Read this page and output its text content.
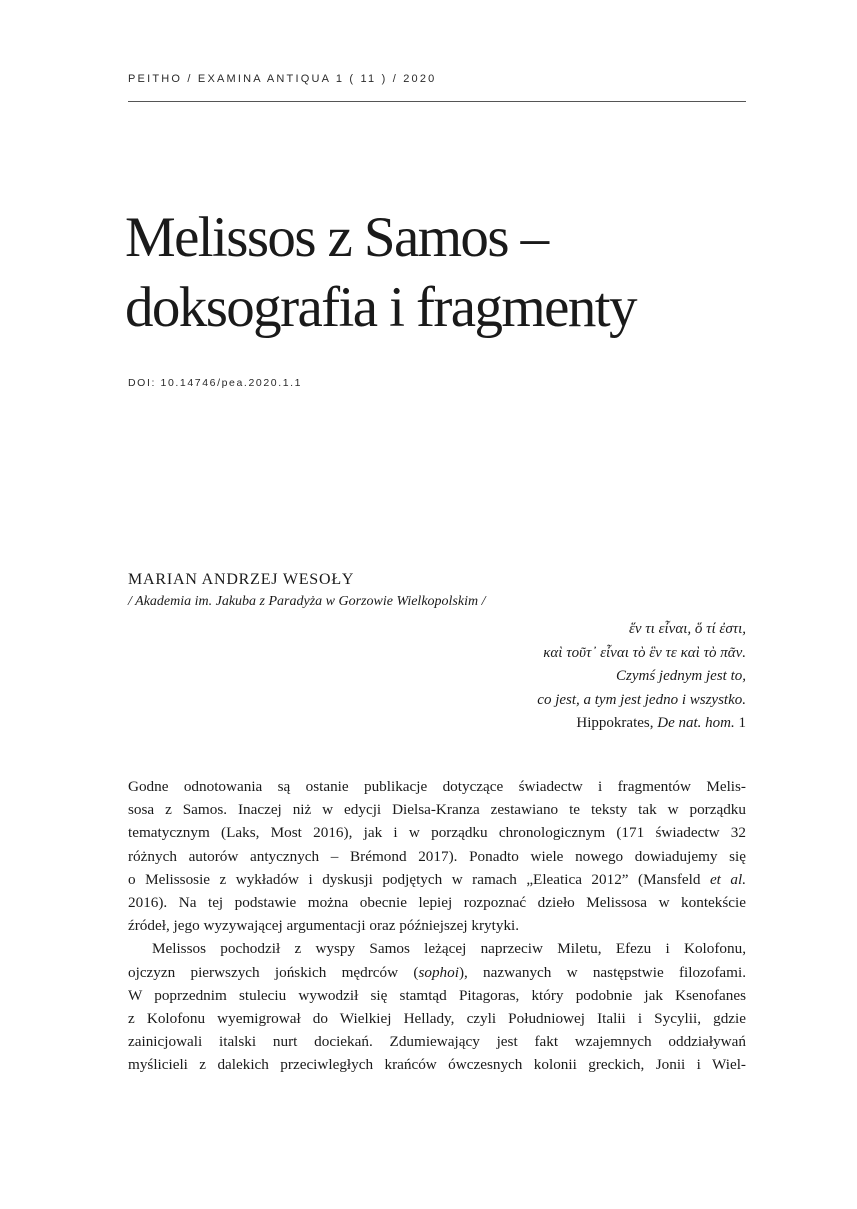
PEITHO / EXAMINA ANTIQUA 1 ( 11 ) / 2020
Melissos z Samos –
doksografia i fragmenty
DOI: 10.14746/pea.2020.1.1
MARIAN ANDRZEJ WESOŁY
/ Akademia im. Jakuba z Paradyża w Gorzowie Wielkopolskim /
ἕν τι εἶναι, ὅ τί ἐστι,
καὶ τοῦτ᾽ εἶναι τὸ ἓν τε καὶ τὸ πᾶν.
Czymś jednym jest to,
co jest, a tym jest jedno i wszystko.
Hippokrates, De nat. hom. 1
Godne odnotowania są ostanie publikacje dotyczące świadectw i fragmentów Melis-
sosa z Samos. Inaczej niż w edycji Dielsa-Kranza zestawiano te teksty tak w porządku
tematycznym (Laks, Most 2016), jak i w porządku chronologicznym (171 świadectw 32
różnych autorów antycznych – Brémond 2017). Ponadto wiele nowego dowiadujemy się
o Melissosie z wykładów i dyskusji podjętych w ramach „Eleatica 2012” (Mansfeld et al.
2016). Na tej podstawie można obecnie lepiej rozpoznać dzieło Melissosa w kontekście
źródeł, jego wyzywającej argumentacji oraz późniejszej krytyki.
Melissos pochodził z wyspy Samos leżącej naprzeciw Miletu, Efezu i Kolofonu,
ojczyzn pierwszych jońskich mędrców (sophoi), nazwanych w następstwie filozofami.
W poprzednim stuleciu wywodził się stamtąd Pitagoras, który podobnie jak Ksenofanes
z Kolofonu wyemigrował do Wielkiej Hellady, czyli Południowej Italii i Sycylii, gdzie
zainicjowali italski nurt dociekań. Zdumiewający jest fakt wzajemnych oddziaływań
myślicieli z dalekich przeciwległych krańców ówczesnych kolonii greckich, Jonii i Wiel-
